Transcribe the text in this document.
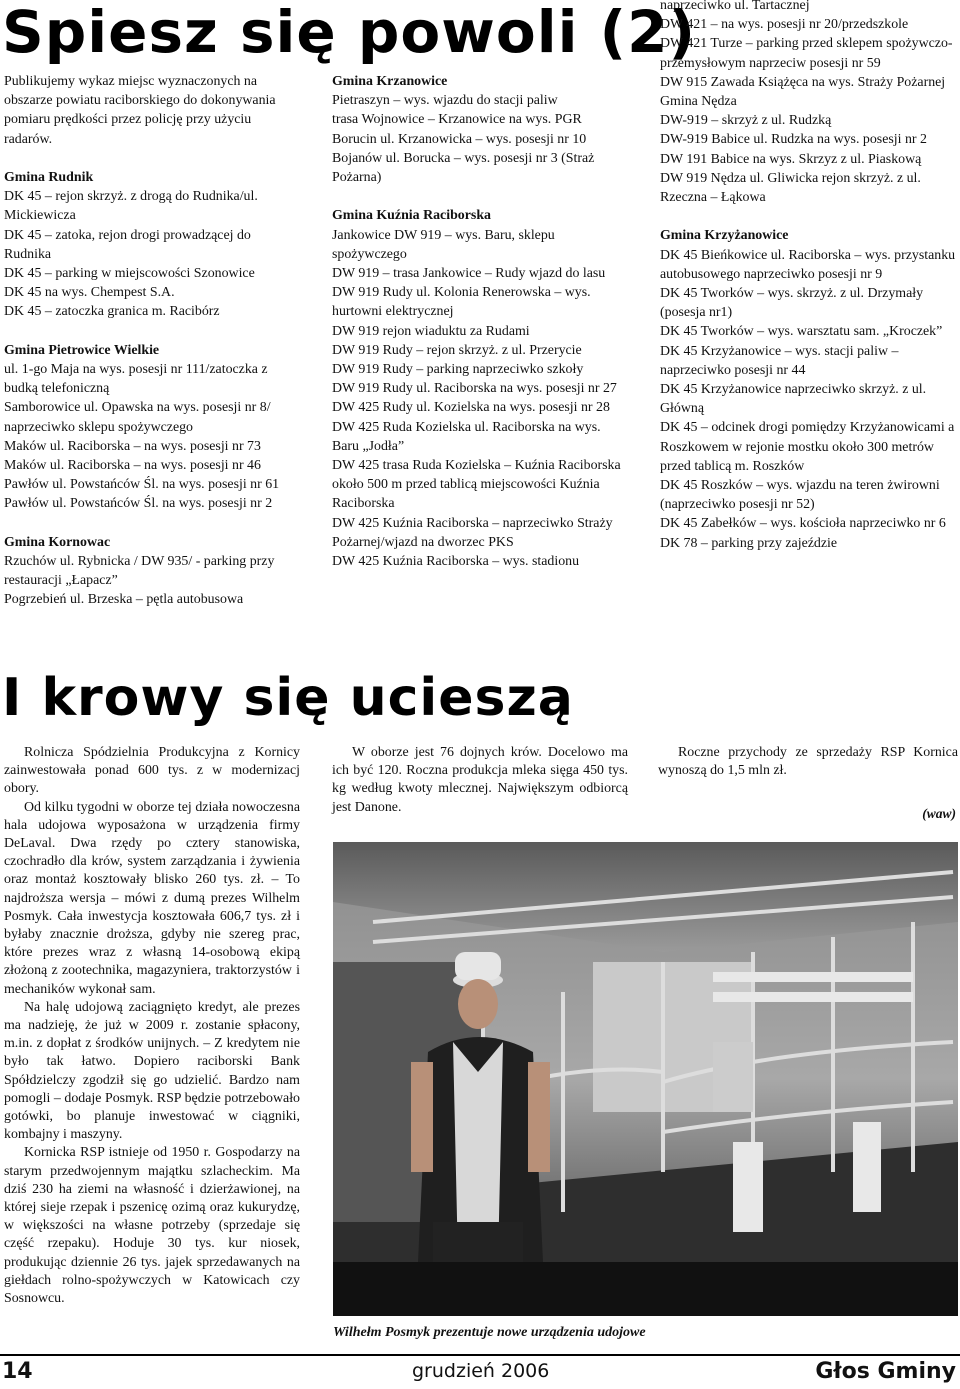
Spiesz się powoli (2)

Publikujemy wykaz miejsc wyznaczonych na obszarze powiatu raciborskiego do dokonywania pomiaru prędkości przez policję przy użyciu radarów.

Gmina Rudnik

DK 45 – rejon skrzyż. z drogą do Rudnika/ul. Mickiewicza

DK 45 – zatoka, rejon drogi prowadzącej do Rudnika

DK 45 – parking w miejscowości Szonowice

DK 45 na wys. Chempest S.A.

DK 45 – zatoczka granica m. Racibórz

Gmina Pietrowice Wielkie

ul. 1-go Maja na wys. posesji nr 111/zatoczka z budką telefoniczną

Samborowice ul. Opawska na wys. posesji nr 8/ naprzeciwko sklepu spożywczego

Maków ul. Raciborska – na wys. posesji nr 73

Maków ul. Raciborska – na wys. posesji nr 46

Pawłów ul. Powstańców Śl. na wys. posesji nr 61

Pawłów ul. Powstańców Śl. na wys. posesji nr 2

Gmina Kornowac

Rzuchów ul. Rybnicka / DW 935/ - parking przy restauracji „Łapacz”

Pogrzebień ul. Brzeska – pętla autobusowa

Gmina Krzanowice

Pietraszyn – wys. wjazdu do stacji paliw

trasa Wojnowice – Krzanowice na wys. PGR

Borucin ul. Krzanowicka – wys. posesji nr 10

Bojanów ul. Borucka – wys. posesji nr 3 (Straż Pożarna)

Gmina Kuźnia Raciborska

Jankowice DW 919 – wys. Baru, sklepu spożywczego

DW 919 – trasa Jankowice – Rudy wjazd do lasu

DW 919 Rudy ul. Kolonia Renerowska – wys. hurtowni elektrycznej

DW 919 rejon wiaduktu za Rudami

DW 919 Rudy – rejon skrzyż. z ul. Przerycie

DW 919 Rudy – parking naprzeciwko szkoły

DW 919 Rudy ul. Raciborska na wys. posesji nr 27

DW 425 Rudy ul. Kozielska na wys. posesji nr 28

DW 425 Ruda Kozielska ul. Raciborska na wys. Baru „Jodła”

DW 425 trasa Ruda Kozielska – Kuźnia Raciborska około 500 m przed tablicą miejscowości Kuźnia Raciborska

DW 425 Kuźnia Raciborska – naprzeciwko Straży Pożarnej/wjazd na dworzec PKS

DW 425 Kuźnia Raciborska – wys. stadionu

naprzeciwko ul. Tartacznej

DW 421 – na wys. posesji nr 20/przedszkole

DW 421 Turze – parking przed sklepem spożywczo-przemysłowym naprzeciw posesji nr 59

DW 915 Zawada Książęca na wys. Straży Pożarnej

Gmina Nędza

DW-919 – skrzyż z ul. Rudzką

DW-919 Babice ul. Rudzka na wys. posesji nr 2

DW 191 Babice na wys. Skrzyz z ul. Piaskową

DW 919 Nędza ul. Gliwicka rejon skrzyż. z ul. Rzeczna – Łąkowa

Gmina Krzyżanowice

DK 45 Bieńkowice ul. Raciborska – wys. przystanku autobusowego naprzeciwko posesji nr 9

DK 45 Tworków – wys. skrzyż. z ul. Drzymały (posesja nr1)

DK 45 Tworków – wys. warsztatu sam. „Kroczek”

DK 45 Krzyżanowice – wys. stacji paliw – naprzeciwko posesji nr 44

DK 45 Krzyżanowice naprzeciwko skrzyż. z ul. Główną

DK 45 – odcinek drogi pomiędzy Krzyżanowicami a Roszkowem w rejonie mostku około 300 metrów przed tablicą m. Roszków

DK 45 Roszków – wys. wjazdu na teren żwirowni (naprzeciwko posesji nr 52)

DK 45 Zabełków – wys. kościoła naprzeciwko nr 6

DK 78 – parking przy zajeździe

I krowy się ucieszą

Rolnicza Spódzielnia Produkcyjna z Kornicy zainwestowała ponad 600 tys. z w modernizacj obory.

Od kilku tygodni w oborze tej działa nowoczesna hala udojowa wyposażona w urządzenia firmy DeLaval. Dwa rzędy po cztery stanowiska, czochradło dla krów, system zarządzania i żywienia oraz montaż kosztowały blisko 260 tys. zł. – To najdroższa wersja – mówi z dumą prezes Wilhelm Posmyk. Cała inwestycja kosztowała 606,7 tys. zł i byłaby znacznie droższa, gdyby nie szereg prac, które prezes wraz z własną 14-osobową ekipą złożoną z zootechnika, magazyniera, traktorzystów i mechaników wykonał sam.

Na halę udojową zaciągnięto kredyt, ale prezes ma nadzieję, że już w 2009 r. zostanie spłacony, m.in. z dopłat z środków unijnych. – Z kredytem nie było tak łatwo. Dopiero raciborski Bank Spółdzielczy zgodził się go udzielić. Bardzo nam pomogli – dodaje Posmyk. RSP będzie potrzebowało gotówki, bo planuje inwestować w ciągniki, kombajny i maszyny.

Kornicka RSP istnieje od 1950 r. Gospodarzy na starym przedwojennym majątku szlacheckim. Ma dziś 230 ha ziemi na własność i dzierżawionej, na której sieje rzepak i pszenicę ozimą oraz kukurydzę, w większości na własne potrzeby (sprzedaje się część rzepaku). Hoduje 30 tys. kur niosek, produkując dziennie 26 tys. jajek sprzedawanych na giełdach rolno-spożywczych w Katowicach czy Sosnowcu.

W oborze jest 76 dojnych krów. Docelowo ma ich być 120. Roczna produkcja mleka sięga 450 tys. kg według kwoty mlecznej. Największym odbiorcą jest Danone.

Roczne przychody ze sprzedaży RSP Kornica wynoszą do 1,5 mln zł.

(waw)
Wilhełm Posmyk prezentuje nowe urządzenia udojowe
14	grudzień 2006	Głos Gminy
